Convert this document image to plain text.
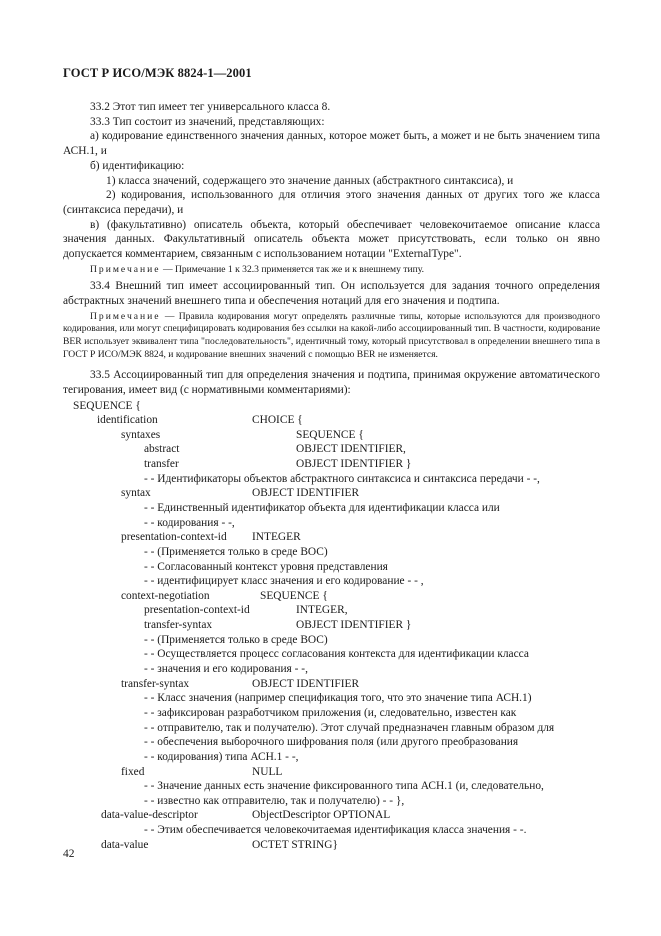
ГОСТ Р ИСО/МЭК 8824-1—2001

33.2 Этот тип имеет тег универсального класса 8.

33.3 Тип состоит из значений, представляющих:

а) кодирование единственного значения данных, которое может быть, а может и не быть значением типа АСН.1, и

б) идентификацию:

1) класса значений, содержащего это значение данных (абстрактного синтаксиса), и

2) кодирования, использованного для отличия этого значения данных от других того же класса (синтаксиса передачи), и

в) (факультативно) описатель объекта, который обеспечивает человекочитаемое описание класса значения данных. Факультативный описатель объекта может присутствовать, если только он явно допускается комментарием, связанным с использованием нотации "ExternalType".

Примечание — Примечание 1 к 32.3 применяется так же и к внешнему типу.

33.4 Внешний тип имеет ассоциированный тип. Он используется для задания точного определения абстрактных значений внешнего типа и обеспечения нотаций для его значения и подтипа.

Примечание — Правила кодирования могут определять различные типы, которые используются для производного кодирования, или могут специфицировать кодирования без ссылки на какой-либо ассоциированный тип. В частности, кодирование BER использует эквивалент типа "последовательность", идентичный тому, который присутствовал в определении внешнего типа в ГОСТ Р ИСО/МЭК 8824, и кодирование внешних значений с помощью BER не изменяется.

33.5 Ассоциированный тип для определения значения и подтипа, принимая окружение автоматического тегирования, имеет вид (с нормативными комментариями):

SEQUENCE {
identification	CHOICE {
syntaxes	SEQUENCE {
abstract	OBJECT IDENTIFIER,
transfer	OBJECT IDENTIFIER }
- - Идентификаторы объектов абстрактного синтаксиса и синтаксиса передачи - -,
syntax	OBJECT IDENTIFIER
- - Единственный идентификатор объекта для идентификации класса или
- - кодирования - -,
presentation-context-id INTEGER
- - (Применяется только в среде ВОС)
- - Согласованный контекст уровня представления
- - идентифицирует класс значения и его кодирование - - ,
context-negotiation	SEQUENCE {
presentation-context-id	INTEGER,
transfer-syntax	OBJECT IDENTIFIER }
- - (Применяется только в среде ВОС)
- - Осуществляется процесс согласования контекста для идентификации класса
- - значения и его кодирования - -,
transfer-syntax	OBJECT IDENTIFIER
- - Класс значения (например спецификация того, что это значение типа АСН.1)
- - зафиксирован разработчиком приложения (и, следовательно, известен как
- - отправителю, так и получателю). Этот случай предназначен главным образом для
- - обеспечения выборочного шифрования поля (или другого преобразования
- - кодирования) типа АСН.1 - -,
fixed	NULL
- - Значение данных есть значение фиксированного типа АСН.1 (и, следовательно,
- - известно как отправителю, так и получателю) - - },
data-value-descriptor	ObjectDescriptor OPTIONAL
- - Этим обеспечивается человекочитаемая идентификация класса значения - -.
data-value	OCTET STRING}
42
